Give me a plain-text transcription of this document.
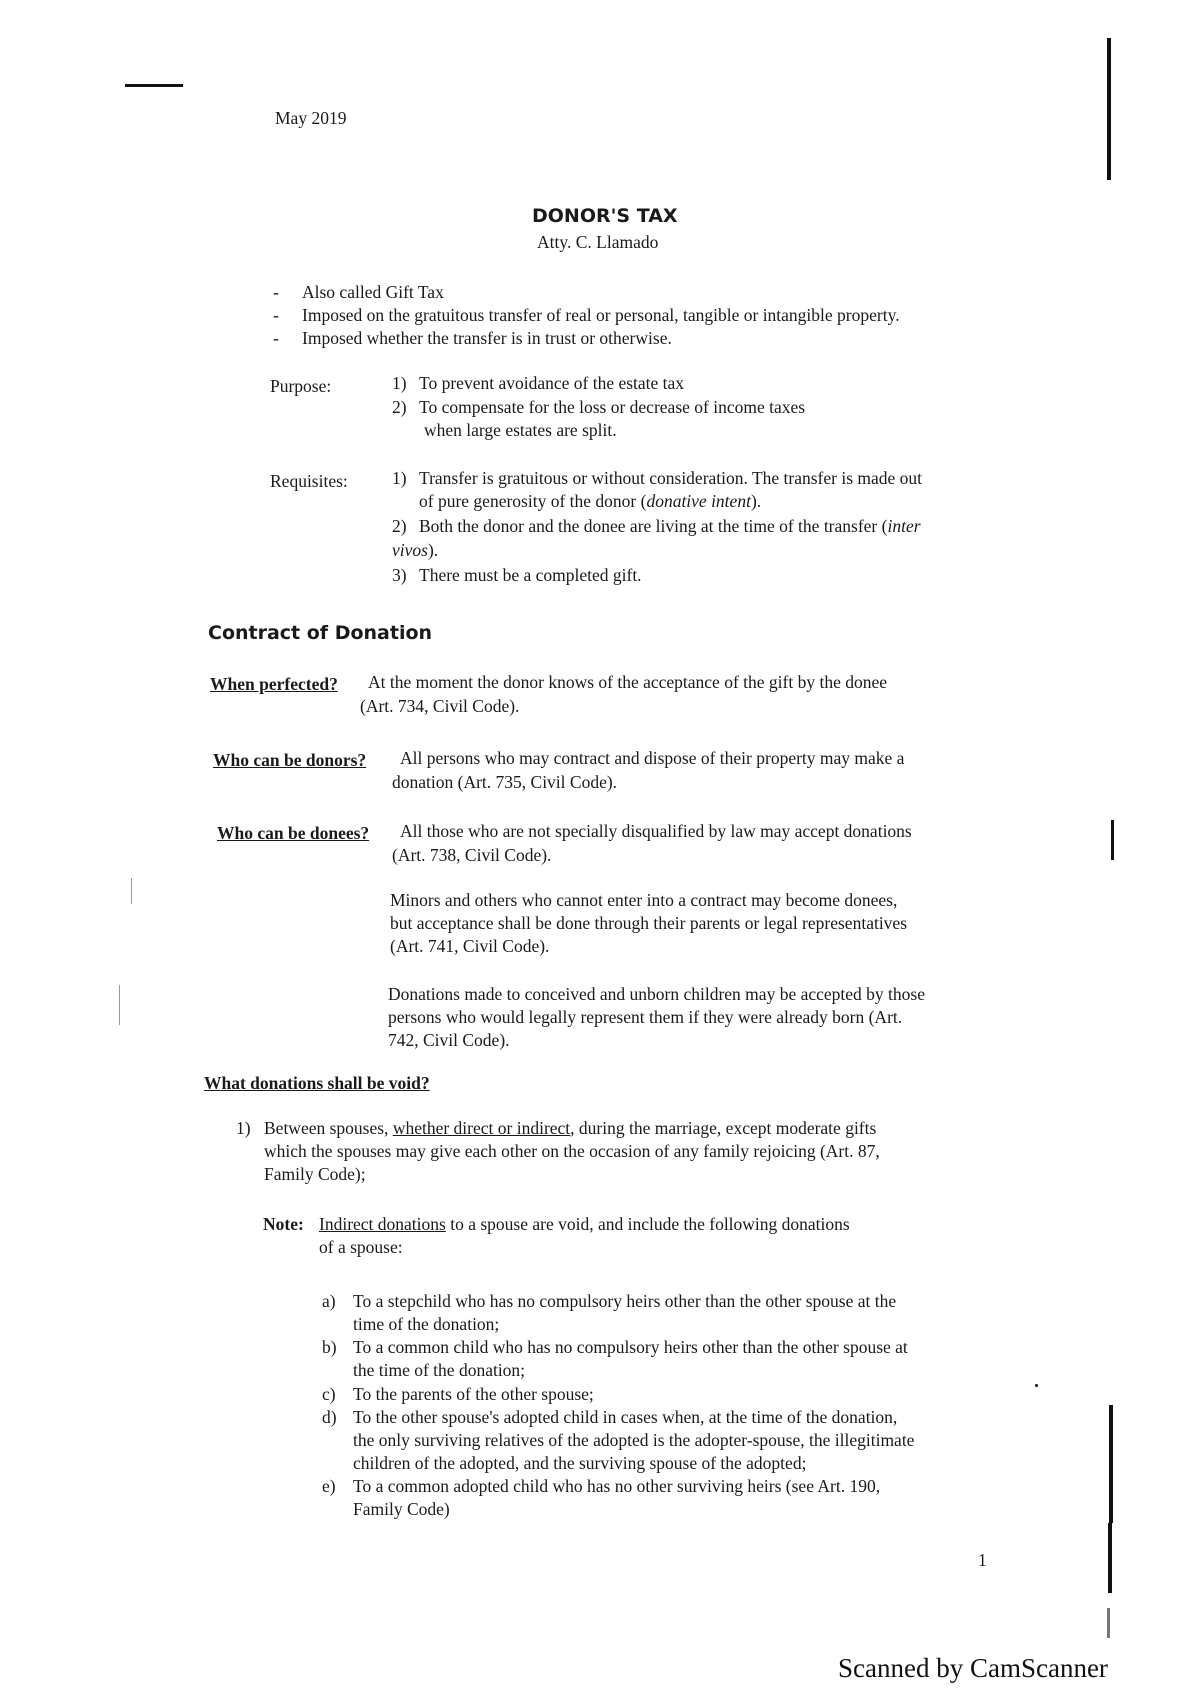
May 2019
DONOR'S TAX
Atty. C. Llamado
- Also called Gift Tax
- Imposed on the gratuitous transfer of real or personal, tangible or intangible property.
- Imposed whether the transfer is in trust or otherwise.
Purpose:	1) To prevent avoidance of the estate tax
2) To compensate for the loss or decrease of income taxes
when large estates are split.
Requisites:	1) Transfer is gratuitous or without consideration. The transfer is made out
of pure generosity of the donor (donative intent).
2) Both the donor and the donee are living at the time of the transfer (inter
vivos).
3) There must be a completed gift.
Contract of Donation
When perfected? At the moment the donor knows of the acceptance of the gift by the donee
(Art. 734, Civil Code).
Who can be donors? All persons who may contract and dispose of their property may make a
donation (Art. 735, Civil Code).
Who can be donees? All those who are not specially disqualified by law may accept donations
(Art. 738, Civil Code).
Minors and others who cannot enter into a contract may become donees,
but acceptance shall be done through their parents or legal representatives
(Art. 741, Civil Code).
Donations made to conceived and unborn children may be accepted by those
persons who would legally represent them if they were already born (Art.
742, Civil Code).
What donations shall be void?
1) Between spouses, whether direct or indirect, during the marriage, except moderate gifts
which the spouses may give each other on the occasion of any family rejoicing (Art. 87,
Family Code);
Note: Indirect donations to a spouse are void, and include the following donations
of a spouse:
a) To a stepchild who has no compulsory heirs other than the other spouse at the
time of the donation;
b) To a common child who has no compulsory heirs other than the other spouse at
the time of the donation;
c) To the parents of the other spouse;
d) To the other spouse's adopted child in cases when, at the time of the donation,
the only surviving relatives of the adopted is the adopter-spouse, the illegitimate
children of the adopted, and the surviving spouse of the adopted;
e) To a common adopted child who has no other surviving heirs (see Art. 190,
Family Code)
1
Scanned by CamScanner
